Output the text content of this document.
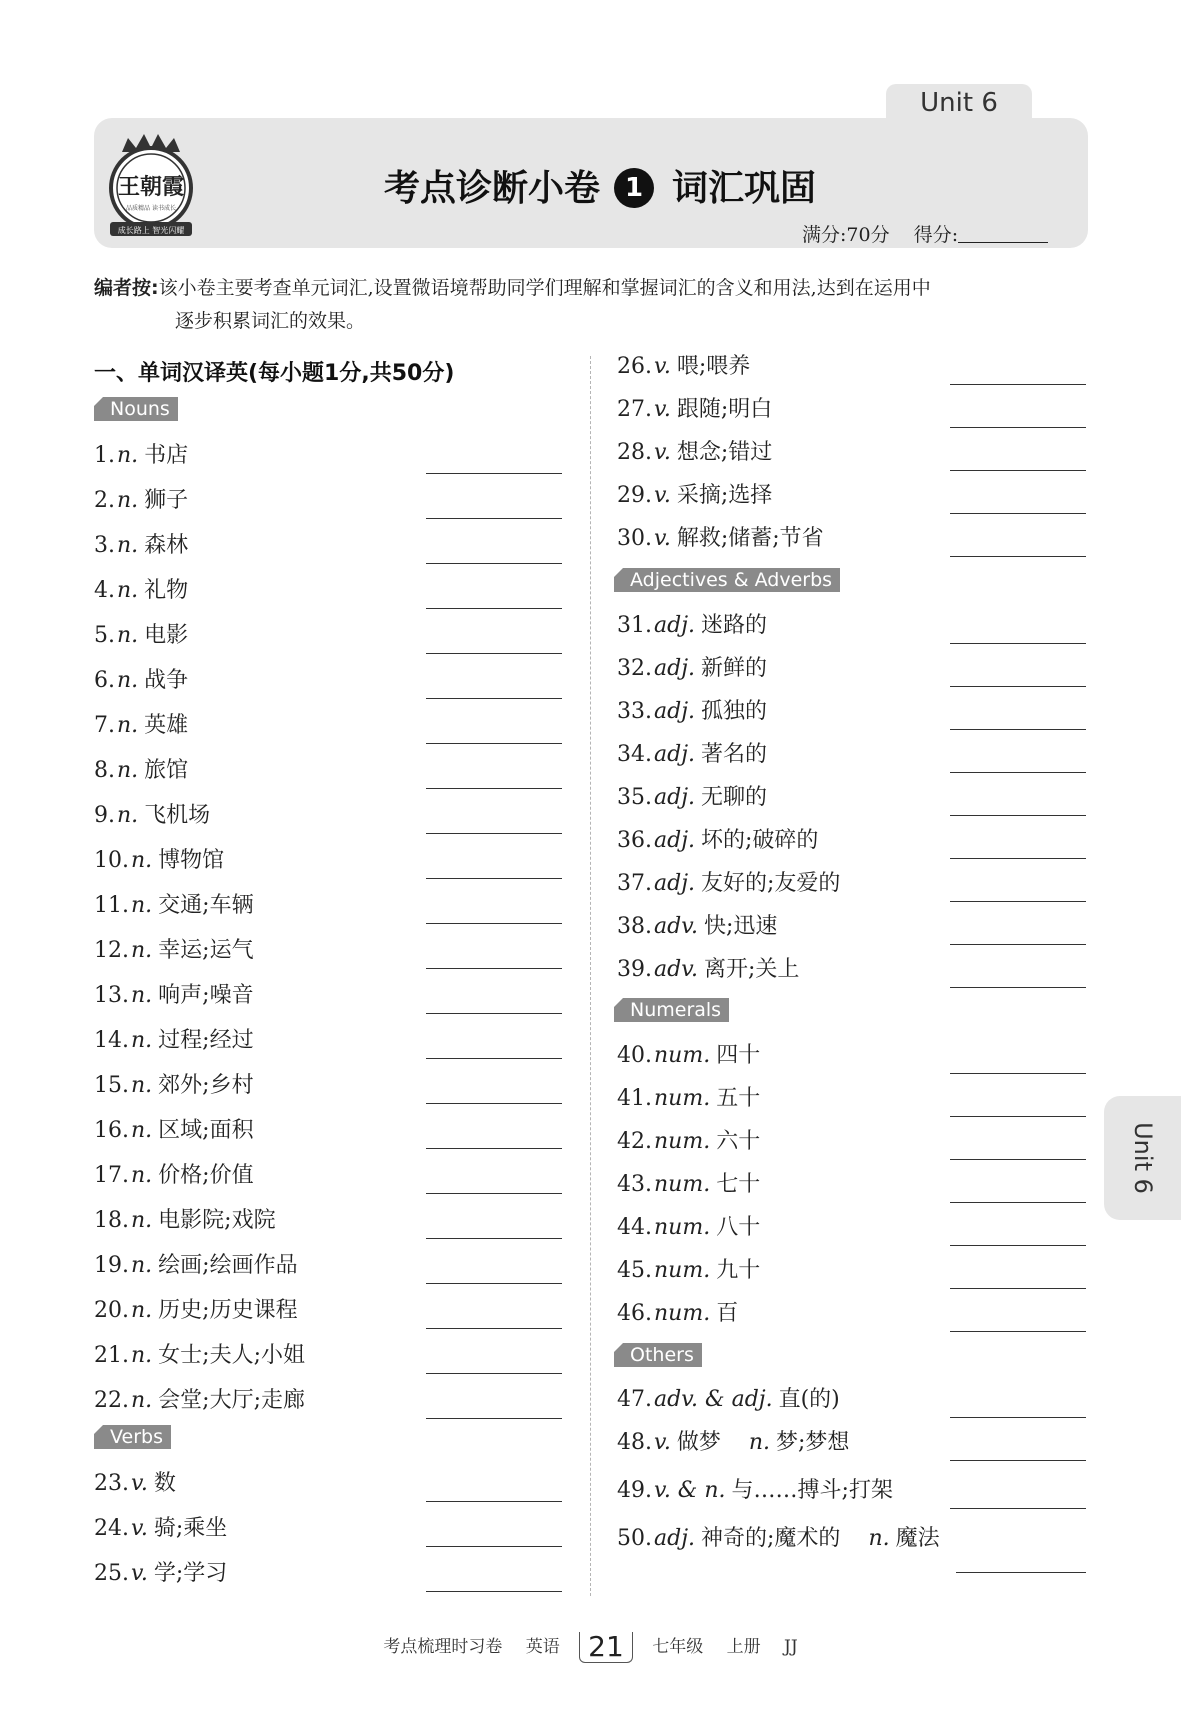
Unit 6
王朝霞
品质精品 读书成长
成长路上 智光闪耀
考点诊断小卷 1 词汇巩固
满分:70分 得分:
编者按:该小卷主要考查单元词汇,设置微语境帮助同学们理解和掌握词汇的含义和用法,达到在运用中
逐步积累词汇的效果。
一、单词汉译英(每小题1分,共50分)
Nouns
Verbs
Adjectives & Adverbs
Numerals
Others
1.n. 书店
2.n. 狮子
3.n. 森林
4.n. 礼物
5.n. 电影
6.n. 战争
7.n. 英雄
8.n. 旅馆
9.n. 飞机场
10.n. 博物馆
11.n. 交通;车辆
12.n. 幸运;运气
13.n. 响声;噪音
14.n. 过程;经过
15.n. 郊外;乡村
16.n. 区域;面积
17.n. 价格;价值
18.n. 电影院;戏院
19.n. 绘画;绘画作品
20.n. 历史;历史课程
21.n. 女士;夫人;小姐
22.n. 会堂;大厅;走廊
23.v. 数
24.v. 骑;乘坐
25.v. 学;学习
26.v. 喂;喂养
27.v. 跟随;明白
28.v. 想念;错过
29.v. 采摘;选择
30.v. 解救;储蓄;节省
31.adj. 迷路的
32.adj. 新鲜的
33.adj. 孤独的
34.adj. 著名的
35.adj. 无聊的
36.adj. 坏的;破碎的
37.adj. 友好的;友爱的
38.adv. 快;迅速
39.adv. 离开;关上
40.num. 四十
41.num. 五十
42.num. 六十
43.num. 七十
44.num. 八十
45.num. 九十
46.num. 百
47.adv. & adj. 直(的)
48.v. 做梦 n. 梦;梦想
49.v. & n. 与……搏斗;打架
50.adj. 神奇的;魔术的 n. 魔法
Unit 6
考点梳理时习卷 英语 21 七年级 上册 JJ
